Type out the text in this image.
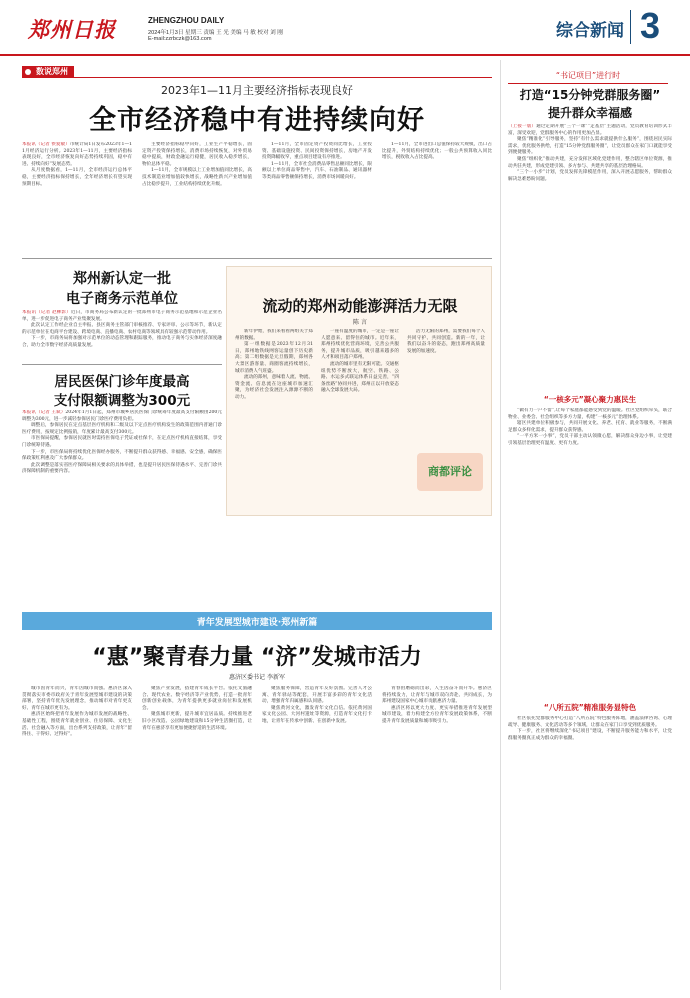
郑州日报	ZHENGZHOU DAILY
2024年1月3日 星期三 责编 王 光 美编 马 敏 校对 刘 刚
E-mail:zzrbczk@163.com	综合新闻 3
数说郑州
2023年1—11月主要经济指标表现良好
全市经济稳中有进持续向好
本报讯（记者 侯爱敏）市统计局1日发布2023年1—11月经济运行分析。2023年1—11月，主要经济指标表现良好，全市经济恢复向好态势持续巩固，稳中有进、持续向好“发展态势。

从月度数据看，1—11月，全市经济运行总体平稳，主要经济指标保持增长，全年经济增长有望实现预期目标。

主要经济指标稳中向好，工业生产平稳增长，固定资产投资保持增长，消费市场持续恢复，对外贸易稳中提质，财政金融运行稳健，居民收入稳步增长，物价总体平稳。

1—11月，全市规模以上工业增加值同比增长，高技术制造业增加值较快增长，战略性新兴产业增加值占比稳步提升，工业结构持续优化升级。

1—11月，全市固定资产投资同比增长，工业投资、基础设施投资、民间投资保持增长，房地产开发投资降幅收窄，重点项目建设有序推进。

1—11月，全市社会消费品零售总额同比增长，限额以上单位商品零售中，汽车、石油制品、通讯器材等类商品零售额保持增长，消费市场回暖向好。

1—11月，全市进出口总值保持较大规模，出口占比提升，外贸结构持续优化；一般公共预算收入同比增长，税收收入占比提高。

郑州新认定一批
电子商务示范单位
本报讯（记者 赵柳影）近日，市商务局公布新认定的一批郑州市电子商务示范基地和示范企业名单，进一步促进电子商务产业集聚发展。

此次认定工作经企业自主申报、县区商务主管部门审核推荐、专家评审、公示等环节，新认定的示范单位在电商平台建设、跨境电商、直播电商、农村电商等领域具有较强示范带动作用。

下一步，市商务局将加强对示范单位的动态管理和跟踪服务，推动电子商务与实体经济深度融合，助力全市数字经济高质量发展。

居民医保门诊年度最高
支付限额调整为300元
本报讯（记者 王斌）2024年1月1日起，郑州市城乡居民医保门诊统筹年度最高支付限额由200元调整为300元，进一步减轻参保居民门诊医疗费用负担。

调整后，参保居民在定点基层医疗机构和二级及以下定点医疗机构发生的政策范围内普通门诊医疗费用，按规定比例报销，年度累计最高支付300元。

市医保局提醒，参保居民就医时需持医保电子凭证或社保卡，在定点医疗机构直接结算，享受门诊统筹待遇。

下一步，市医保局将持续优化医保经办服务，不断提升群众获得感、幸福感、安全感，确保医保政策红利惠及广大参保群众。

此次调整是落实省医疗保障局相关要求的具体举措，也是提升居民医保待遇水平、完善门诊共济保障机制的重要内容。

流动的郑州动能澎湃活力无限
陈 言

新年伊始，我们来看看两组关于郑州的数据。

第一组数据是2023年12月31日，郑州地铁线网客运量创下历史新高；第二组数据是元旦假期，郑州各大景区游客量、商圈客流持续增长，城市消费人气旺盛。

流动的郑州，意味着人流、物流、资金流、信息流在这座城市加速汇聚，为经济社会发展注入源源不断的动力。

一座有温度的城市，一定是一座让人愿意来、留得住的城市。近年来，郑州持续优化营商环境，完善公共服务，提升城市品质，吸引越来越多的人才和项目落户郑州。

流动的城市里有无限可能。交通枢纽优势不断放大，航空、铁路、公路、水运多式联运体系日益完善，“四条丝路”协同并进，郑州正以开放姿态融入全球发展大局。

活力无限的郑州，需要我们每个人共同守护、共同创造。新的一年，让我们以奋斗的姿态，跑出郑州高质量发展的加速度。

商都评论
“书记项目”进行时
打造“15分钟党群服务圈”
提升群众幸福感
（上接一版）通过定期开展“三个一课”“走基层”主题活动，党员教育培训形式丰富，深受欢迎，党群服务中心的作用更加凸显。

聚焦“精准化”引导服务，坚持“有什么需求就提供什么服务”，围绕居民实际需求，优化服务供给，打造“15分钟党群服务圈”，让党员群众在家门口就能享受到便捷服务。

聚焦“组织化”推动共建，充分发挥区域化党建作用，整合辖区单位资源，推动共驻共建，形成党建引领、多方参与、共建共享的基层治理格局。

“三个一小步”计划，党员发挥先锋模范作用，深入开展志愿服务，帮助群众解决急难愁盼问题。

“一核多元”凝心聚力惠民生

“做有力一户不留”,让每个家庭都能感受到党的温暖。社区党组织牵头，联合物业、业委会、社会组织等多方力量，构建“一核多元”治理体系。

辖区共建单位积极参与，共同开展文化、养老、托育、就业等服务，不断满足群众多样化需求，提升群众获得感。

“一平方米一小事”，党员干部主动认领微心愿，解决群众身边小事，让党建引领基层治理更有温度、更有力度。

青年发展型城市建设·郑州新篇
“惠”聚青春力量 “济”发城市活力
惠济区委书记 李新军

城市因青年而兴，青年因城市而强。惠济区深入贯彻落实市委市政府关于青年发展型城市建设的决策部署，坚持青年优先发展理念，推动城市对青年更友好、青年在城市更有为。

惠济区始终把青年发展作为城市发展的战略性、基础性工程，围绕青年就业创业、住房保障、文化生活、社会融入等方面，出台系列支持政策，让青年“留得住、干得好、过得好”。

聚焦产业发展，搭建青年成长平台。依托文旅融合、现代农业、数字经济等产业优势，打造一批青年创新创业载体，为青年提供更多就业岗位和发展机会。

聚焦城市更新，提升城市宜居品质。持续推进老旧小区改造、公园绿地建设和15分钟生活圈打造，让青年在惠济享有更加便捷舒适的生活环境。

聚焦服务保障，营造青年友好氛围。完善人才公寓、青年驿站等配套，开展丰富多彩的青年文化活动，增强青年归属感和认同感。

聚焦黄河文化，激发青年文化自信。依托黄河国家文化公园、大河村遗址等资源，打造青年文化打卡地，让青年在传承中创新、在创新中发展。

青春由磨砺而出彩，人生因奋斗而升华。惠济区将持续发力，让青年与城市双向奔赴、共同成长，为郑州建设国家中心城市贡献惠济力量。

惠济区将以更大力度、更实举措推进青年发展型城市建设，着力构建全方位青年发展政策体系，不断提升青年发展质量和城市吸引力。

“八所五院”精准服务显特色

社区依托党群服务中心打造“八所五院”特色服务阵地，涵盖法律咨询、心理疏导、健康服务、文化活动等多个领域，让群众在家门口享受到优质服务。

下一步，社区将继续深化“书记项目”建设，不断提升服务能力和水平，让党群服务圈真正成为群众的幸福圈。
